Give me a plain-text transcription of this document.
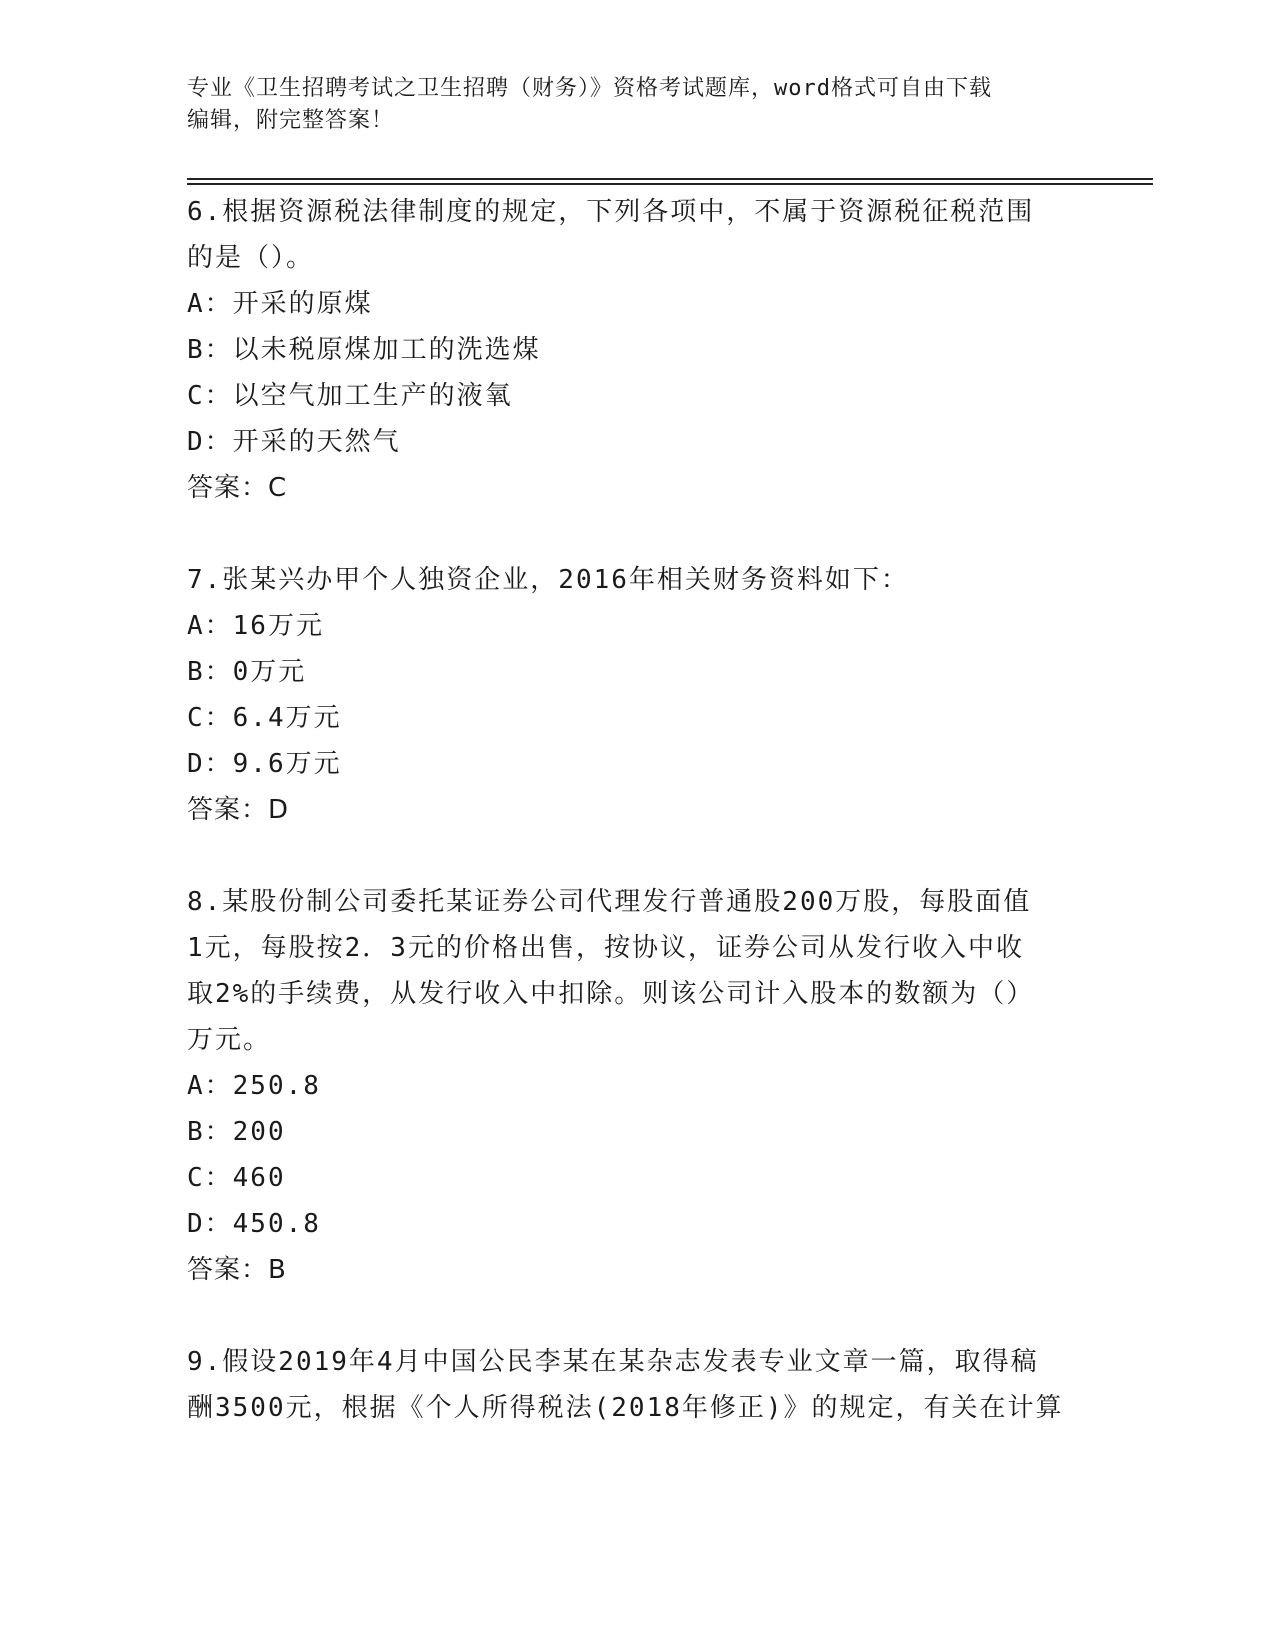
专业《卫生招聘考试之卫生招聘（财务）》资格考试题库，word格式可自由下载
编辑，附完整答案！
6.根据资源税法律制度的规定，下列各项中，不属于资源税征税范围
的是（）。
A：开采的原煤
B：以未税原煤加工的洗选煤
C：以空气加工生产的液氧
D：开采的天然气
答案：C
7.张某兴办甲个人独资企业，2016年相关财务资料如下：
A：16万元
B：0万元
C：6.4万元
D：9.6万元
答案：D
8.某股份制公司委托某证券公司代理发行普通股200万股，每股面值
1元，每股按2．3元的价格出售，按协议，证券公司从发行收入中收
取2%的手续费，从发行收入中扣除。则该公司计入股本的数额为（）
万元。
A：250.8
B：200
C：460
D：450.8
答案：B
9.假设2019年4月中国公民李某在某杂志发表专业文章一篇，取得稿
酬3500元，根据《个人所得税法(2018年修正)》的规定，有关在计算
